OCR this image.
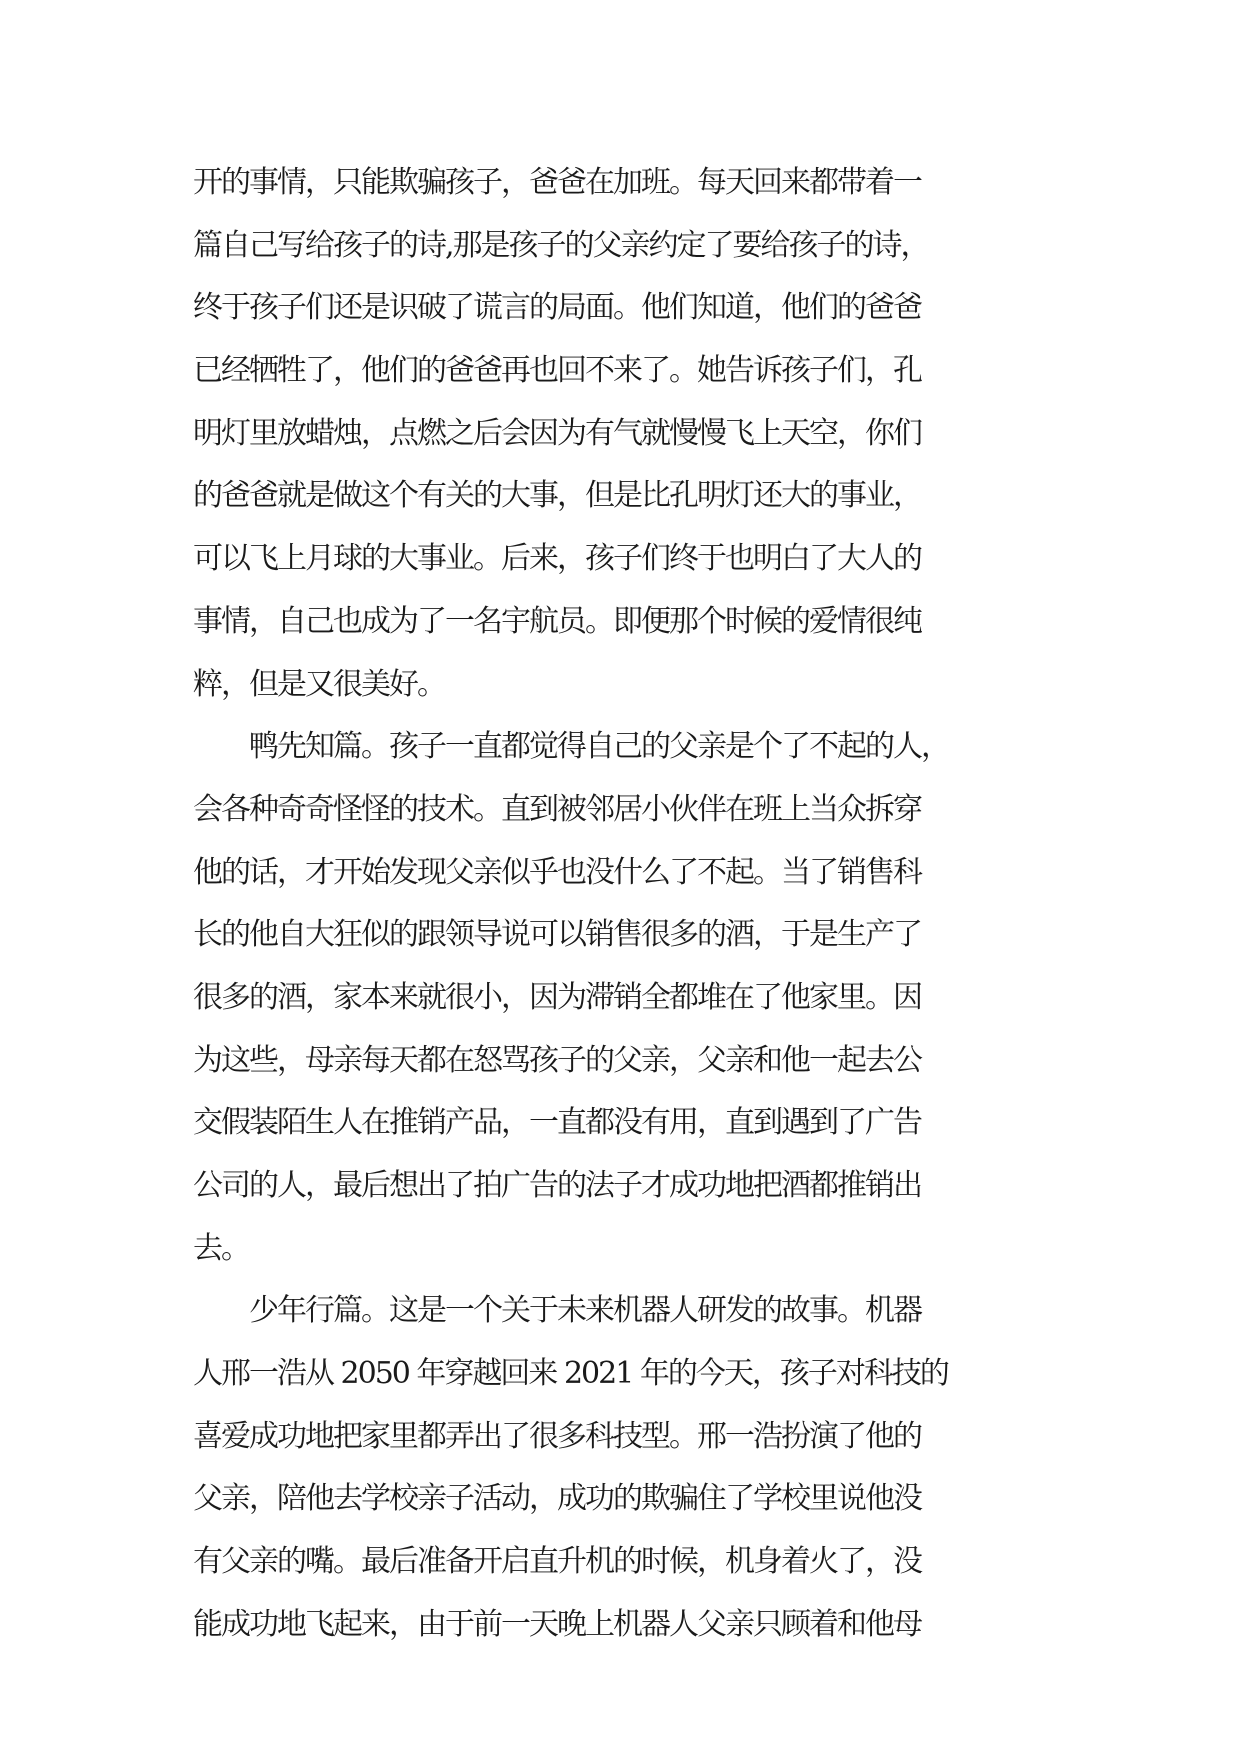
开的事情，只能欺骗孩子，爸爸在加班。每天回来都带着一
篇自己写给孩子的诗,那是孩子的父亲约定了要给孩子的诗，
终于孩子们还是识破了谎言的局面。他们知道，他们的爸爸
已经牺牲了，他们的爸爸再也回不来了。她告诉孩子们，孔
明灯里放蜡烛，点燃之后会因为有气就慢慢飞上天空，你们
的爸爸就是做这个有关的大事，但是比孔明灯还大的事业，
可以飞上月球的大事业。后来，孩子们终于也明白了大人的
事情，自己也成为了一名宇航员。即便那个时候的爱情很纯
粹，但是又很美好。
　　鸭先知篇。孩子一直都觉得自己的父亲是个了不起的人，
会各种奇奇怪怪的技术。直到被邻居小伙伴在班上当众拆穿
他的话，才开始发现父亲似乎也没什么了不起。当了销售科
长的他自大狂似的跟领导说可以销售很多的酒，于是生产了
很多的酒，家本来就很小，因为滞销全都堆在了他家里。因
为这些，母亲每天都在怒骂孩子的父亲，父亲和他一起去公
交假装陌生人在推销产品，一直都没有用，直到遇到了广告
公司的人，最后想出了拍广告的法子才成功地把酒都推销出
去。
　　少年行篇。这是一个关于未来机器人研发的故事。机器
人邢一浩从 2050 年穿越回来 2021 年的今天，孩子对科技的
喜爱成功地把家里都弄出了很多科技型。邢一浩扮演了他的
父亲，陪他去学校亲子活动，成功的欺骗住了学校里说他没
有父亲的嘴。最后准备开启直升机的时候，机身着火了，没
能成功地飞起来，由于前一天晚上机器人父亲只顾着和他母
